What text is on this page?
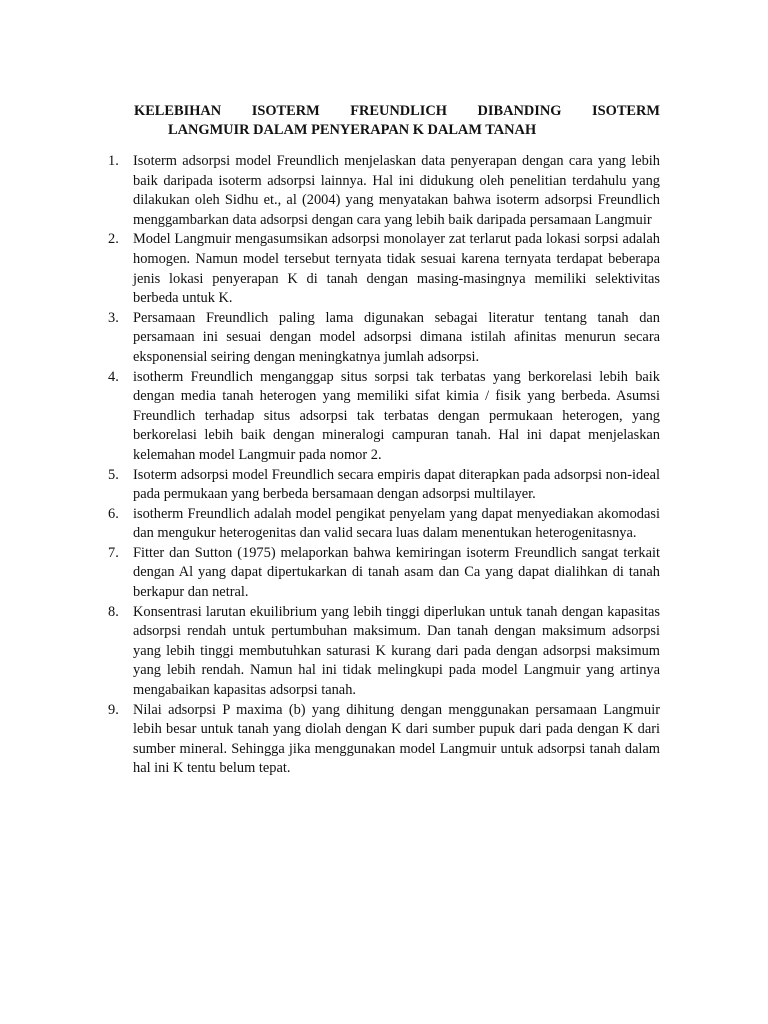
KELEBIHAN ISOTERM FREUNDLICH DIBANDING ISOTERM
LANGMUIR DALAM PENYERAPAN K DALAM TANAH
1. Isoterm adsorpsi model Freundlich menjelaskan data penyerapan dengan cara yang lebih baik daripada isoterm adsorpsi lainnya. Hal ini didukung oleh penelitian terdahulu yang dilakukan oleh Sidhu et., al (2004) yang menyatakan bahwa isoterm adsorpsi Freundlich menggambarkan data adsorpsi dengan cara yang lebih baik daripada persamaan Langmuir
2. Model Langmuir mengasumsikan adsorpsi monolayer zat terlarut pada lokasi sorpsi adalah homogen. Namun model tersebut ternyata tidak sesuai karena ternyata terdapat beberapa jenis lokasi penyerapan K di tanah dengan masing-masingnya memiliki selektivitas berbeda untuk K.
3. Persamaan Freundlich paling lama digunakan sebagai literatur tentang tanah dan persamaan ini sesuai dengan model adsorpsi dimana istilah afinitas menurun secara eksponensial seiring dengan meningkatnya jumlah adsorpsi.
4. isotherm Freundlich menganggap situs sorpsi tak terbatas yang berkorelasi lebih baik dengan media tanah heterogen yang memiliki sifat kimia / fisik yang berbeda. Asumsi Freundlich terhadap situs adsorpsi tak terbatas dengan permukaan heterogen, yang berkorelasi lebih baik dengan mineralogi campuran tanah. Hal ini dapat menjelaskan kelemahan model Langmuir pada nomor 2.
5. Isoterm adsorpsi model Freundlich secara empiris dapat diterapkan pada adsorpsi non-ideal pada permukaan yang berbeda bersamaan dengan adsorpsi multilayer.
6. isotherm Freundlich adalah model pengikat penyelam yang dapat menyediakan akomodasi dan mengukur heterogenitas dan valid secara luas dalam menentukan heterogenitasnya.
7. Fitter dan Sutton (1975) melaporkan bahwa kemiringan isoterm Freundlich sangat terkait dengan Al yang dapat dipertukarkan di tanah asam dan Ca yang dapat dialihkan di tanah berkapur dan netral.
8. Konsentrasi larutan ekuilibrium yang lebih tinggi diperlukan untuk tanah dengan kapasitas adsorpsi rendah untuk pertumbuhan maksimum. Dan tanah dengan maksimum adsorpsi yang lebih tinggi membutuhkan saturasi K kurang dari pada dengan adsorpsi maksimum yang lebih rendah. Namun hal ini tidak melingkupi pada model Langmuir yang artinya mengabaikan kapasitas adsorpsi tanah.
9. Nilai adsorpsi P maxima (b) yang dihitung dengan menggunakan persamaan Langmuir lebih besar untuk tanah yang diolah dengan K dari sumber pupuk dari pada dengan K dari sumber mineral. Sehingga jika menggunakan model Langmuir untuk adsorpsi tanah dalam hal ini K tentu belum tepat.
